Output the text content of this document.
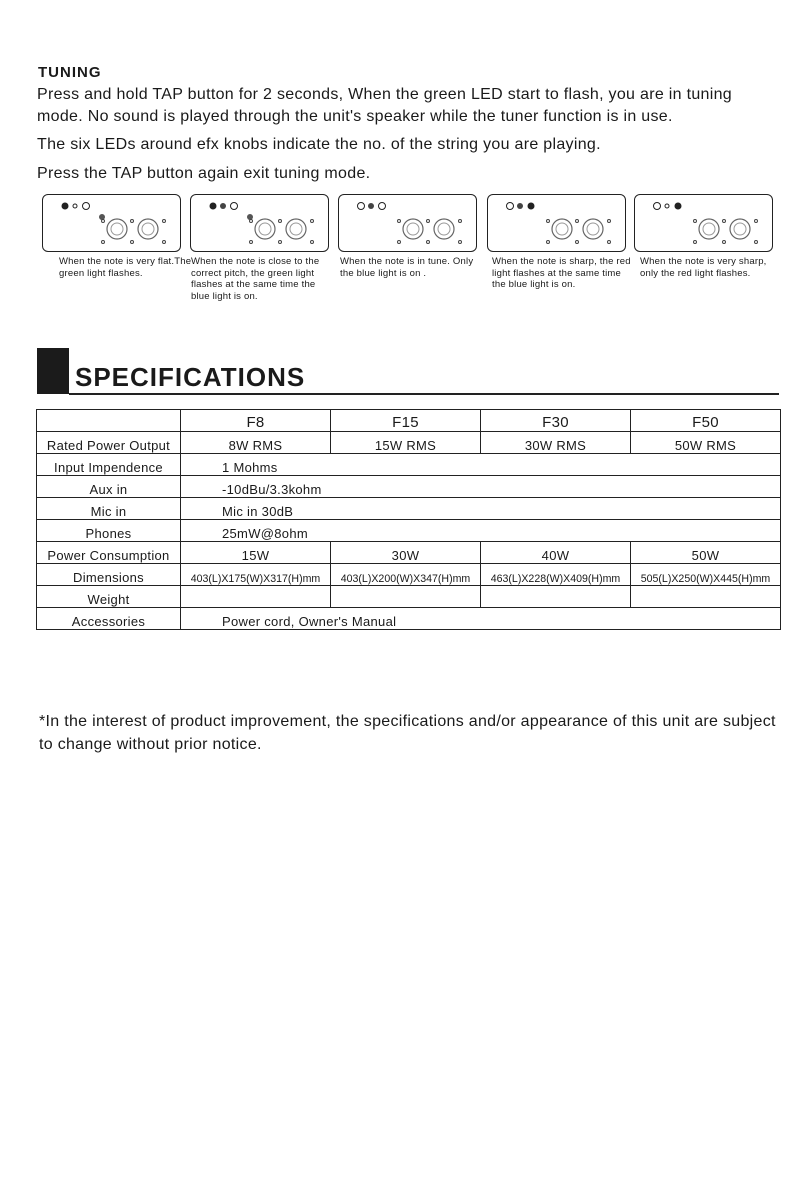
TUNING

Press and hold TAP button for 2 seconds, When the green LED start to flash, you are in tuning mode. No sound is played through the unit's speaker while the tuner function is in use.

The six LEDs around efx knobs indicate the no. of the string you are playing.

Press the TAP button again exit tuning mode.

When the note is very flat.The green light flashes.

When the note is close to the correct pitch, the green light flashes at the same time the blue light is on.

When the note is in tune. Only the blue light is on .

When the note is sharp, the red light flashes at the same time the blue light is on.

When the note is very sharp, only the red light flashes.

SPECIFICATIONS
	F8	F15	F30	F50
Rated Power Output	8W RMS	15W RMS	30W RMS	50W RMS
Input Impendence	1 Mohms			
Aux in	-10dBu/3.3kohm			
Mic in	Mic in 30dB			
Phones	25mW@8ohm			
Power Consumption	15W	30W	40W	50W
Dimensions	403(L)X175(W)X317(H)mm	403(L)X200(W)X347(H)mm	463(L)X228(W)X409(H)mm	505(L)X250(W)X445(H)mm
Weight				
Accessories	Power cord, Owner's Manual			

*In the interest of product improvement, the specifications and/or appearance of this unit are subject to change without prior notice.
